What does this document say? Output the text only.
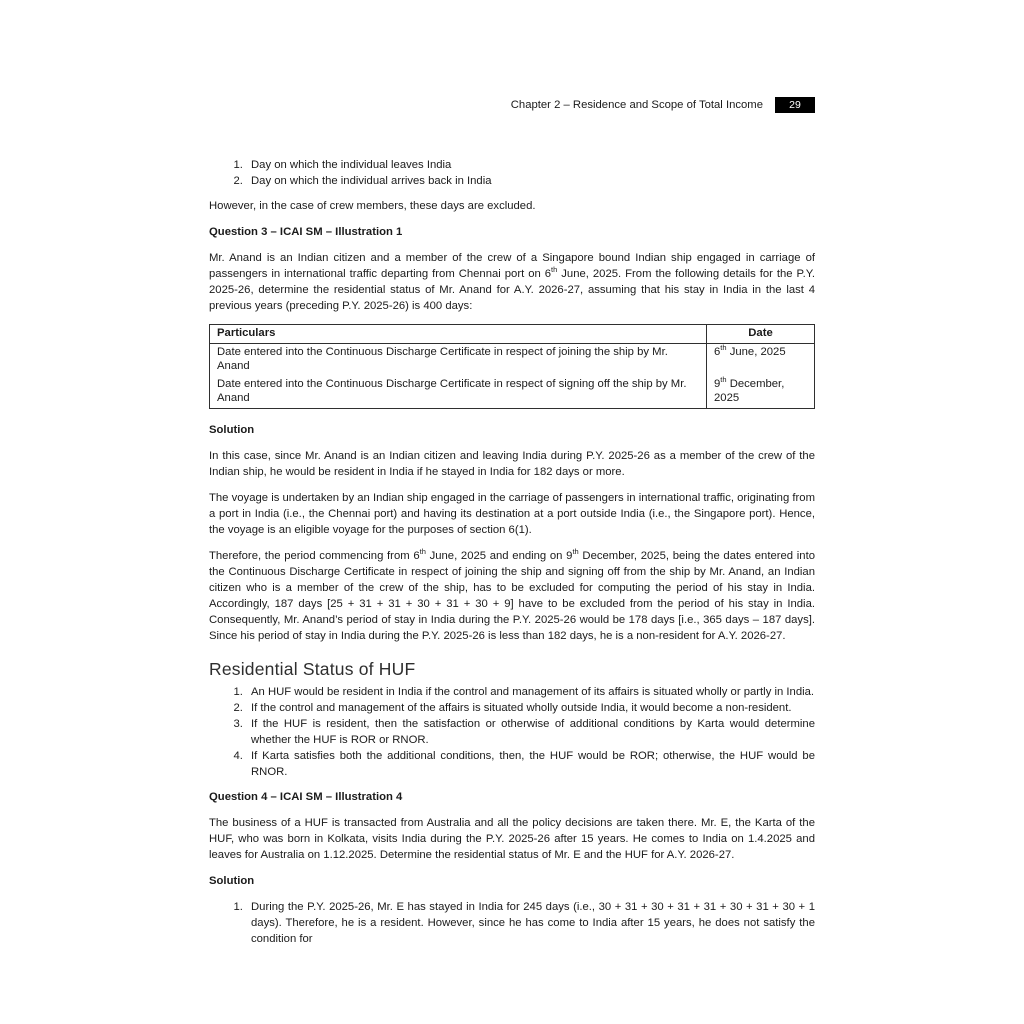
Chapter 2 – Residence and Scope of Total Income	29
1. Day on which the individual leaves India
2. Day on which the individual arrives back in India

However, in the case of crew members, these days are excluded.

Question 3 – ICAI SM – Illustration 1

Mr. Anand is an Indian citizen and a member of the crew of a Singapore bound Indian ship engaged in carriage of passengers in international traffic departing from Chennai port on 6th June, 2025. From the following details for the P.Y. 2025-26, determine the residential status of Mr. Anand for A.Y. 2026-27, assuming that his stay in India in the last 4 previous years (preceding P.Y. 2025-26) is 400 days:

Particulars	Date
Date entered into the Continuous Discharge Certificate in respect of joining the ship by Mr. Anand	6th June, 2025
Date entered into the Continuous Discharge Certificate in respect of signing off the ship by Mr. Anand	9th December, 2025
Solution

In this case, since Mr. Anand is an Indian citizen and leaving India during P.Y. 2025-26 as a member of the crew of the Indian ship, he would be resident in India if he stayed in India for 182 days or more.

The voyage is undertaken by an Indian ship engaged in the carriage of passengers in international traffic, originating from a port in India (i.e., the Chennai port) and having its destination at a port outside India (i.e., the Singapore port). Hence, the voyage is an eligible voyage for the purposes of section 6(1).

Therefore, the period commencing from 6th June, 2025 and ending on 9th December, 2025, being the dates entered into the Continuous Discharge Certificate in respect of joining the ship and signing off from the ship by Mr. Anand, an Indian citizen who is a member of the crew of the ship, has to be excluded for computing the period of his stay in India. Accordingly, 187 days [25 + 31 + 31 + 30 + 31 + 30 + 9] have to be excluded from the period of his stay in India. Consequently, Mr. Anand’s period of stay in India during the P.Y. 2025-26 would be 178 days [i.e., 365 days – 187 days]. Since his period of stay in India during the P.Y. 2025-26 is less than 182 days, he is a non-resident for A.Y. 2026-27.

Residential Status of HUF
1. An HUF would be resident in India if the control and management of its affairs is situated wholly or partly in India.
2. If the control and management of the affairs is situated wholly outside India, it would become a non-resident.
3. If the HUF is resident, then the satisfaction or otherwise of additional conditions by Karta would determine whether the HUF is ROR or RNOR.
4. If Karta satisfies both the additional conditions, then, the HUF would be ROR; otherwise, the HUF would be RNOR.
Question 4 – ICAI SM – Illustration 4

The business of a HUF is transacted from Australia and all the policy decisions are taken there. Mr. E, the Karta of the HUF, who was born in Kolkata, visits India during the P.Y. 2025-26 after 15 years. He comes to India on 1.4.2025 and leaves for Australia on 1.12.2025. Determine the residential status of Mr. E and the HUF for A.Y. 2026-27.

Solution
1. During the P.Y. 2025-26, Mr. E has stayed in India for 245 days (i.e., 30 + 31 + 30 + 31 + 31 + 30 + 31 + 30 + 1 days). Therefore, he is a resident. However, since he has come to India after 15 years, he does not satisfy the condition for
